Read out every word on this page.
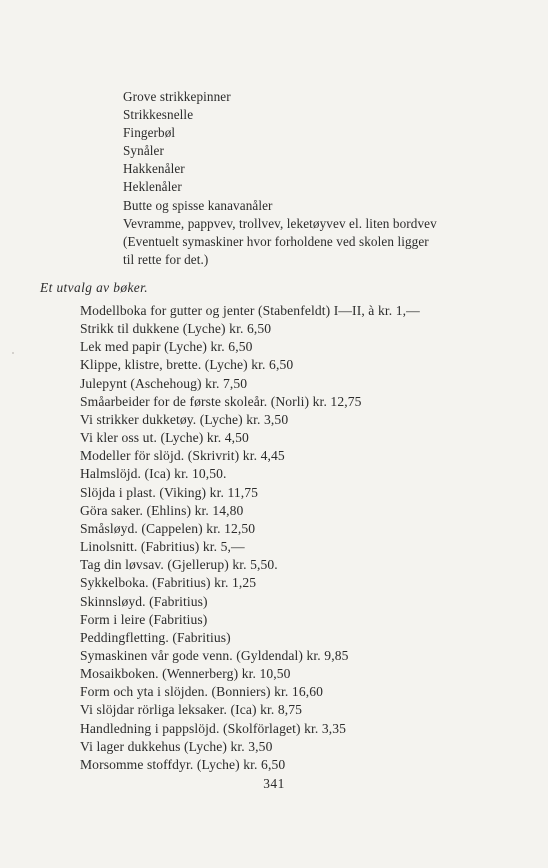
Grove strikkepinner
Strikkesnelle
Fingerbøl
Synåler
Hakkenåler
Heklenåler
Butte og spisse kanavanåler
Vevramme, pappvev, trollvev, leketøyvev el. liten bordvev
(Eventuelt symaskiner hvor forholdene ved skolen ligger
til rette for det.)
Et utvalg av bøker.
Modellboka for gutter og jenter (Stabenfeldt) I—II, à kr. 1,—
Strikk til dukkene (Lyche) kr. 6,50
Lek med papir (Lyche) kr. 6,50
Klippe, klistre, brette. (Lyche) kr. 6,50
Julepynt (Aschehoug) kr. 7,50
Småarbeider for de første skoleår. (Norli) kr. 12,75
Vi strikker dukketøy. (Lyche) kr. 3,50
Vi kler oss ut. (Lyche) kr. 4,50
Modeller för slöjd. (Skrivrit) kr. 4,45
Halmslöjd. (Ica) kr. 10,50.
Slöjda i plast. (Viking) kr. 11,75
Göra saker. (Ehlins) kr. 14,80
Småsløyd. (Cappelen) kr. 12,50
Linolsnitt. (Fabritius) kr. 5,—
Tag din løvsav. (Gjellerup) kr. 5,50.
Sykkelboka. (Fabritius) kr. 1,25
Skinnsløyd. (Fabritius)
Form i leire (Fabritius)
Peddingfletting. (Fabritius)
Symaskinen vår gode venn. (Gyldendal) kr. 9,85
Mosaikboken. (Wennerberg) kr. 10,50
Form och yta i slöjden. (Bonniers) kr. 16,60
Vi slöjdar rörliga leksaker. (Ica) kr. 8,75
Handledning i pappslöjd. (Skolförlaget) kr. 3,35
Vi lager dukkehus (Lyche) kr. 3,50
Morsomme stoffdyr. (Lyche) kr. 6,50
341
